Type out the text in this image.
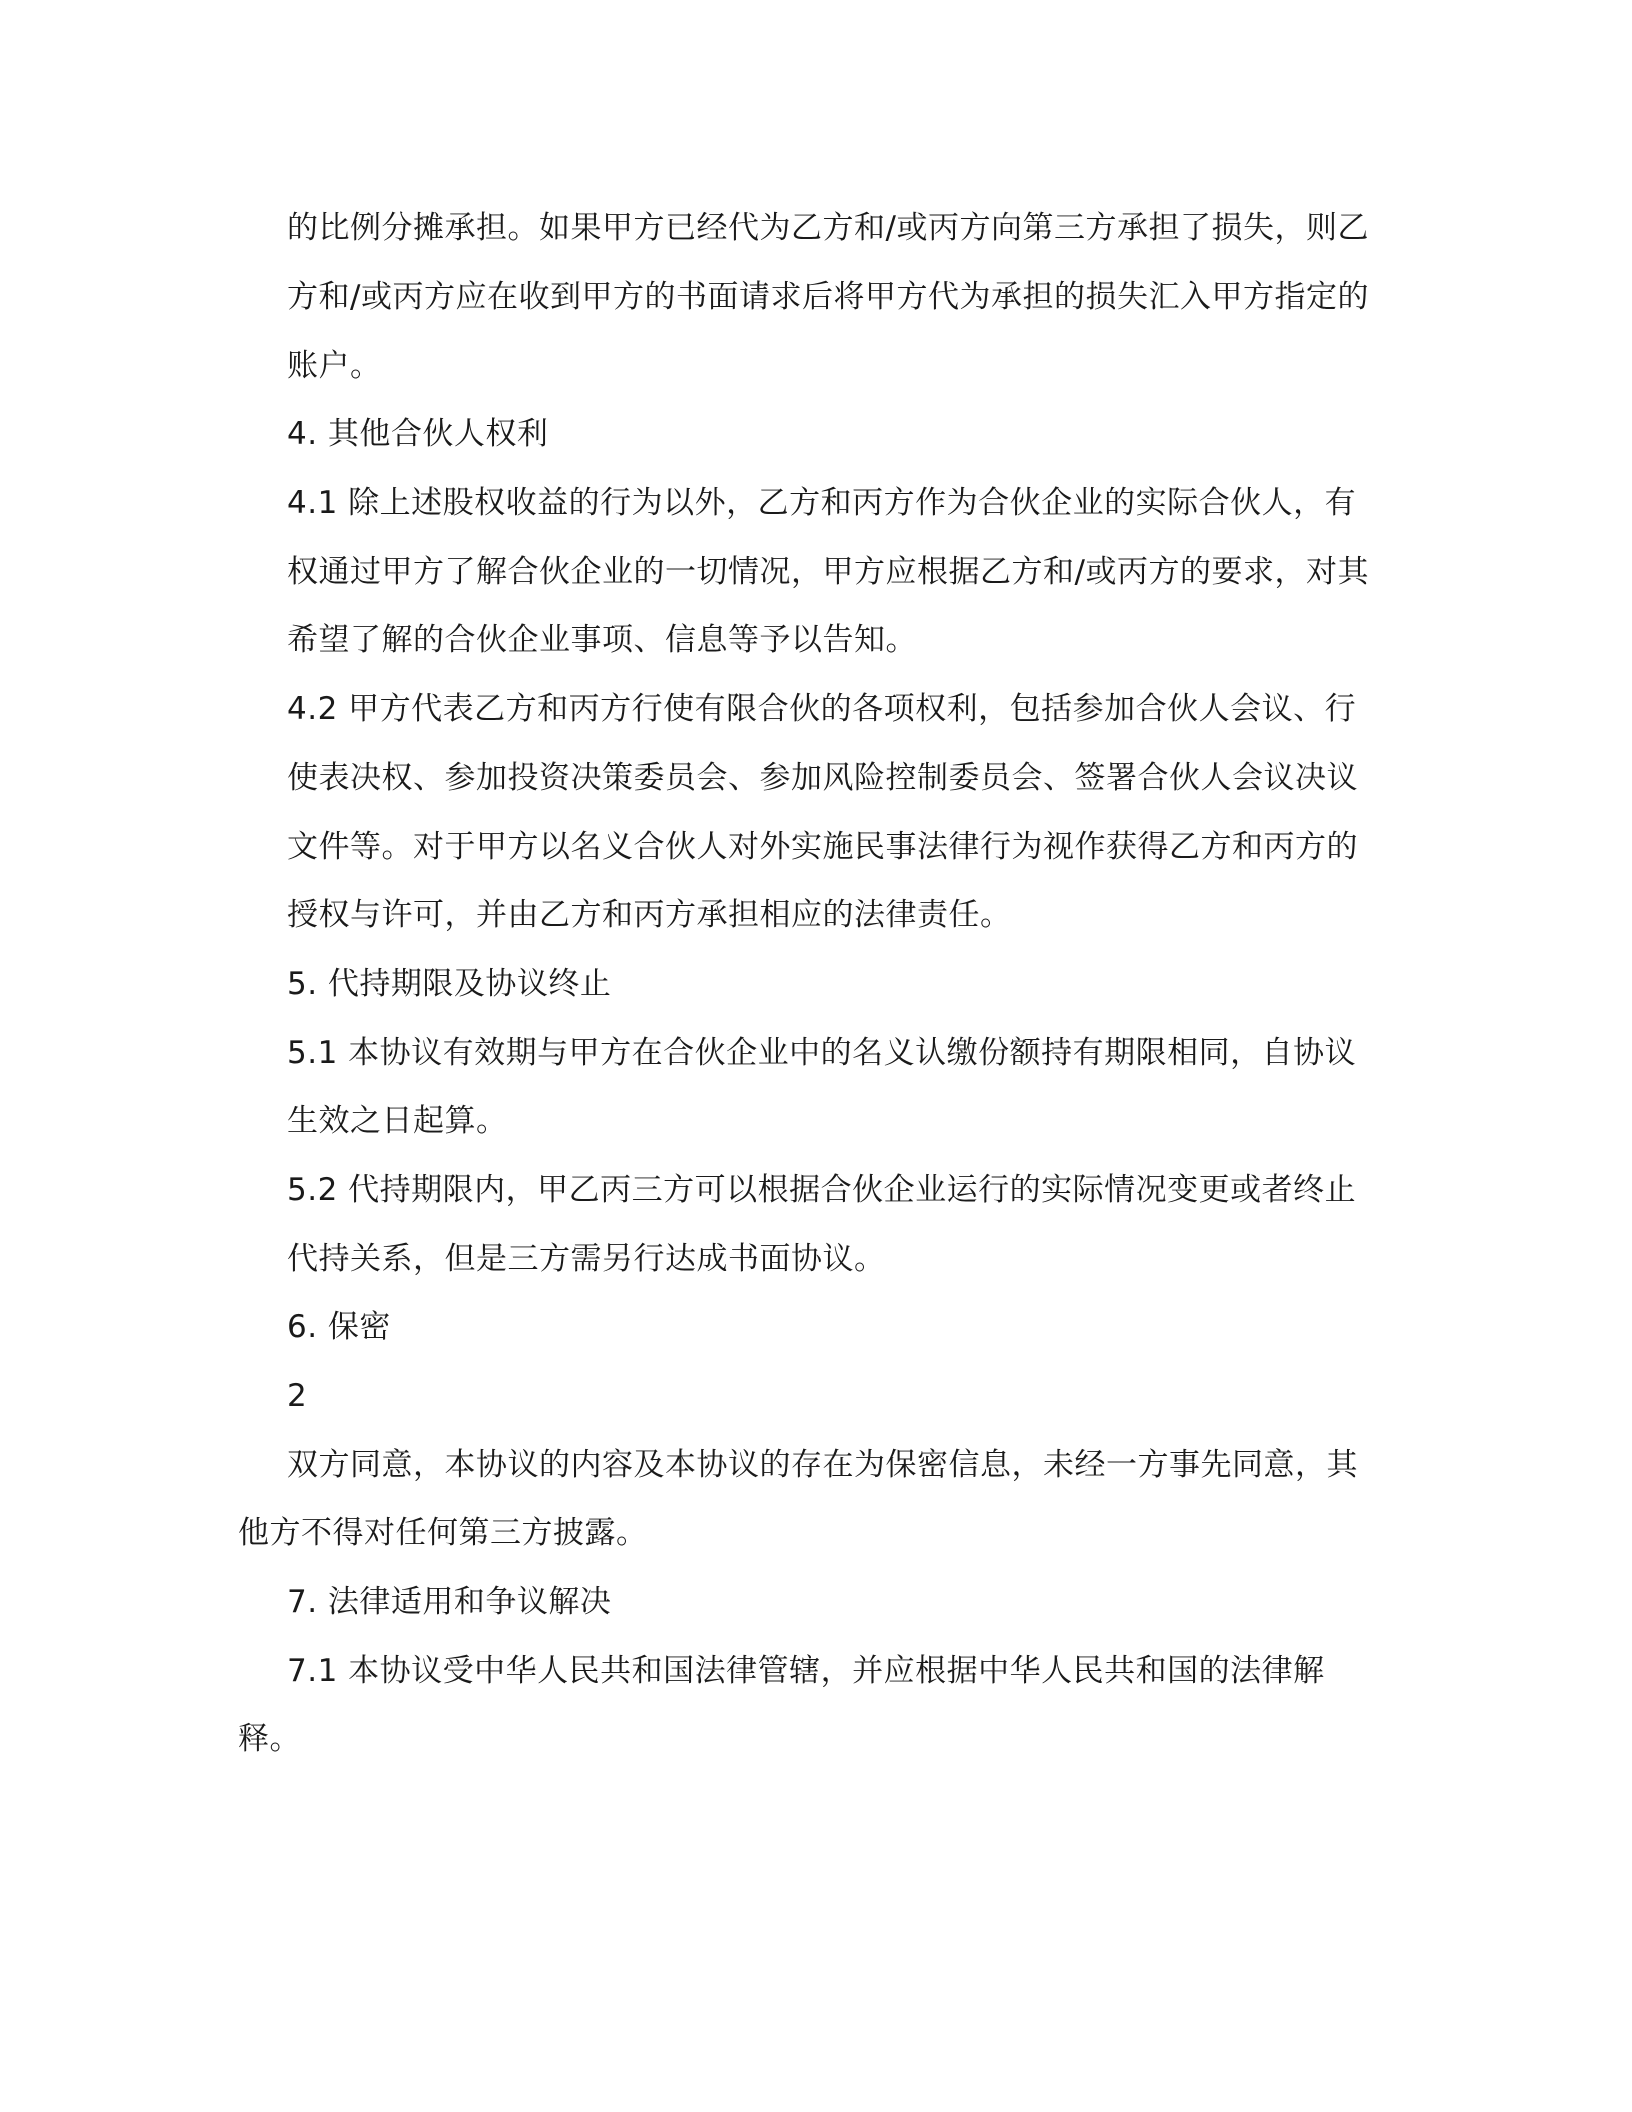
的比例分摊承担。如果甲方已经代为乙方和/或丙方向第三方承担了损失，则乙
方和/或丙方应在收到甲方的书面请求后将甲方代为承担的损失汇入甲方指定的
账户。
4. 其他合伙人权利
4.1 除上述股权收益的行为以外，乙方和丙方作为合伙企业的实际合伙人，有
权通过甲方了解合伙企业的一切情况，甲方应根据乙方和/或丙方的要求，对其
希望了解的合伙企业事项、信息等予以告知。
4.2 甲方代表乙方和丙方行使有限合伙的各项权利，包括参加合伙人会议、行
使表决权、参加投资决策委员会、参加风险控制委员会、签署合伙人会议决议
文件等。对于甲方以名义合伙人对外实施民事法律行为视作获得乙方和丙方的
授权与许可，并由乙方和丙方承担相应的法律责任。
5. 代持期限及协议终止
5.1 本协议有效期与甲方在合伙企业中的名义认缴份额持有期限相同，自协议
生效之日起算。
5.2 代持期限内，甲乙丙三方可以根据合伙企业运行的实际情况变更或者终止
代持关系，但是三方需另行达成书面协议。
6. 保密
2
双方同意，本协议的内容及本协议的存在为保密信息，未经一方事先同意，其
他方不得对任何第三方披露。
7. 法律适用和争议解决
7.1 本协议受中华人民共和国法律管辖，并应根据中华人民共和国的法律解
释。
